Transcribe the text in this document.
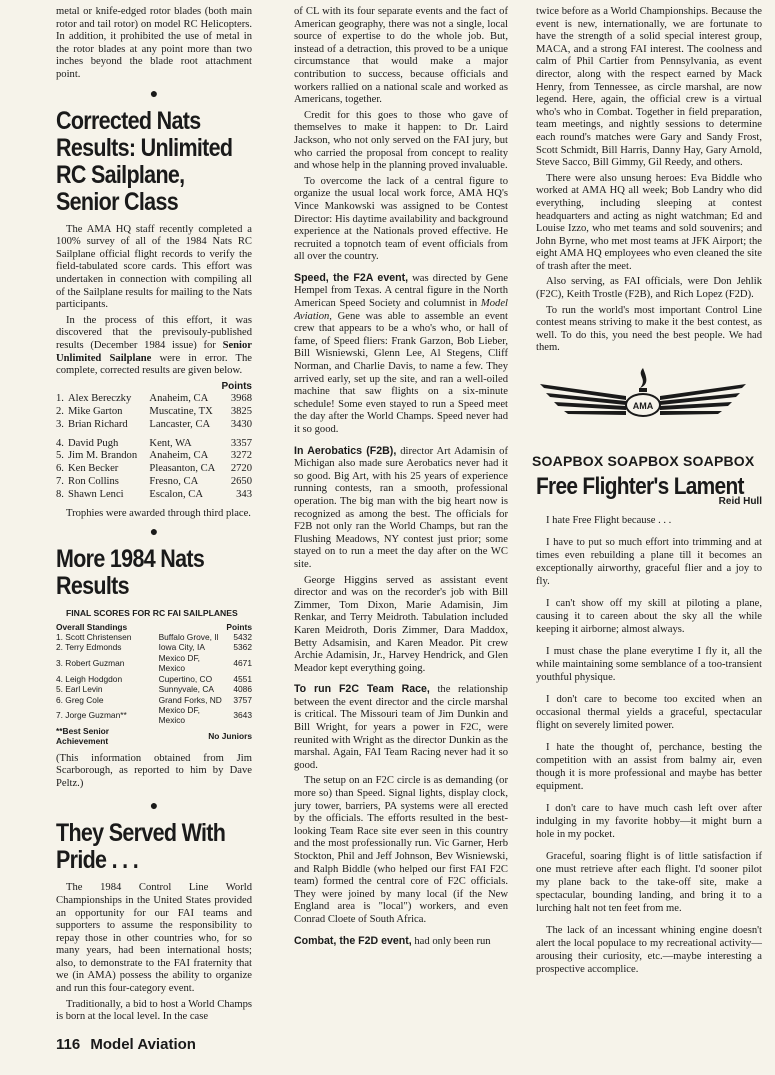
metal or knife-edged rotor blades (both main rotor and tail rotor) on model RC Helicopters. In addition, it prohibited the use of metal in the rotor blades at any point more than two inches beyond the blade root attachment point.

●
Corrected Nats Results: Unlimited RC Sailplane, Senior Class

The AMA HQ staff recently completed a 100% survey of all of the 1984 Nats RC Sailplane official flight records to verify the field-tabulated score cards. This effort was undertaken in connection with compiling all of the Sailplane results for mailing to the Nats participants.

In the process of this effort, it was discovered that the previsouly-published results (December 1984 issue) for Senior Unlimited Sailplane were in error. The complete, corrected results are given below.

Points
1.	Alex Bereczky	Anaheim, CA	3968
2.	Mike Garton	Muscatine, TX	3825
3.	Brian Richard	Lancaster, CA	3430
4.	David Pugh	Kent, WA	3357
5.	Jim M. Brandon	Anaheim, CA	3272
6.	Ken Becker	Pleasanton, CA	2720
7.	Ron Collins	Fresno, CA	2650
8.	Shawn Lenci	Escalon, CA	343

Trophies were awarded through third place.

●
More 1984 Nats Results
FINAL SCORES FOR RC FAI SAILPLANES
Overall Standings		Points
1. Scott Christensen	Buffalo Grove, Il	5432
2. Terry Edmonds	Iowa City, IA	5362
3. Robert Guzman	Mexico DF, Mexico	4671
4. Leigh Hodgdon	Cupertino, CO	4551
5. Earl Levin	Sunnyvale, CA	4086
6. Greg Cole	Grand Forks, ND	3757
7. Jorge Guzman**	Mexico DF, Mexico	3643
**Best Senior Achievement	No Juniors	

(This information obtained from Jim Scarborough, as reported to him by Dave Peltz.)

●
They Served With Pride . . .

The 1984 Control Line World Championships in the United States provided an opportunity for our FAI teams and supporters to assume the responsibility to repay those in other countries who, for so many years, had been international hosts; also, to demonstrate to the FAI fraternity that we (in AMA) possess the ability to organize and run this four-category event.

Traditionally, a bid to host a World Champs is born at the local level. In the case

of CL with its four separate events and the fact of American geography, there was not a single, local source of expertise to do the whole job. But, instead of a detraction, this proved to be a unique circumstance that would make a major contribution to success, because officials and workers rallied on a national scale and worked as Americans, together.

Credit for this goes to those who gave of themselves to make it happen: to Dr. Laird Jackson, who not only served on the FAI jury, but who carried the proposal from concept to reality and whose help in the planning proved invaluable.

To overcome the lack of a central figure to organize the usual local work force, AMA HQ's Vince Mankowski was assigned to be Contest Director: His daytime availability and background experience at the Nationals proved effective. He recruited a topnotch team of event officials from all over the country.

Speed, the F2A event, was directed by Gene Hempel from Texas. A central figure in the North American Speed Society and columnist in Model Aviation, Gene was able to assemble an event crew that appears to be a who's who, or hall of fame, of Speed fliers: Frank Garzon, Bob Lieber, Bill Wisniewski, Glenn Lee, Al Stegens, Cliff Norman, and Charlie Davis, to name a few. They arrived early, set up the site, and ran a well-oiled machine that saw flights on a six-minute schedule! Some even stayed to run a Speed meet the day after the World Champs. Speed never had it so good.

In Aerobatics (F2B), director Art Adamisin of Michigan also made sure Aerobatics never had it so good. Big Art, with his 25 years of experience running contests, ran a smooth, professional operation. The big man with the big heart now is recognized as among the best. The officials for F2B not only ran the World Champs, but ran the Flushing Meadows, NY contest just prior; some stayed on to run a meet the day after on the WC site.

George Higgins served as assistant event director and was on the recorder's job with Bill Zimmer, Tom Dixon, Marie Adamisin, Jim Renkar, and Terry Meidroth. Tabulation included Karen Meidroth, Doris Zimmer, Dara Maddox, Betty Adsamisin, and Karen Meador. Pit crew Archie Adamisin, Jr., Harvey Hendrick, and Glen Meador kept everything going.

To run F2C Team Race, the relationship between the event director and the circle marshal is critical. The Missouri team of Jim Dunkin and Bill Wright, for years a power in F2C, were reunited with Wright as the director Dunkin as the marshal. Again, FAI Team Racing never had it so good.

The setup on an F2C circle is as demanding (or more so) than Speed. Signal lights, display clock, jury tower, barriers, PA systems were all erected by the officials. The efforts resulted in the best-looking Team Race site ever seen in this country and the most professionally run. Vic Garner, Herb Stockton, Phil and Jeff Johnson, Bev Wisniewski, and Ralph Biddle (who helped our first FAI F2C team) formed the central core of F2C officials. They were joined by many local (if the New England area is "local") workers, and even Conrad Cloete of South Africa.

Combat, the F2D event, had only been run

twice before as a World Championships. Because the event is new, internationally, we are fortunate to have the strength of a solid special interest group, MACA, and a strong FAI interest. The coolness and calm of Phil Cartier from Pennsylvania, as event director, along with the respect earned by Mack Henry, from Tennessee, as circle marshal, are now legend. Here, again, the official crew is a virtual who's who in Combat. Together in field preparation, team meetings, and nightly sessions to determine each round's matches were Gary and Sandy Frost, Scott Schmidt, Bill Harris, Danny Hay, Gary Arnold, Steve Sacco, Bill Gimmy, Gil Reedy, and others.

There were also unsung heroes: Eva Biddle who worked at AMA HQ all week; Bob Landry who did everything, including sleeping at contest headquarters and acting as night watchman; Ed and Louise Izzo, who met teams and sold souvenirs; and John Byrne, who met most teams at JFK Airport; the eight AMA HQ employees who even cleaned the site of trash after the meet.

Also serving, as FAI officials, were Don Jehlik (F2C), Keith Trostle (F2B), and Rich Lopez (F2D).

To run the world's most important Control Line contest means striving to make it the best contest, as well. To do this, you need the best people. We had them.

AMA
SOAPBOX SOAPBOX SOAPBOX
Free Flighter's Lament
Reid Hull

I hate Free Flight because . . .

I have to put so much effort into trimming and at times even rebuilding a plane till it becomes an exceptionally airworthy, graceful flier and a joy to fly.

I can't show off my skill at piloting a plane, causing it to careen about the sky all the while keeping it airborne; almost always.

I must chase the plane everytime I fly it, all the while maintaining some semblance of a too-transient youthful physique.

I don't care to become too excited when an occasional thermal yields a graceful, spectacular flight on severely limited power.

I hate the thought of, perchance, besting the competition with an assist from balmy air, even though it is more professional and maybe has better equipment.

I don't care to have much cash left over after indulging in my favorite hobby—it might burn a hole in my pocket.

Graceful, soaring flight is of little satisfaction if one must retrieve after each flight. I'd sooner pilot my plane back to the take-off site, make a spectacular, bounding landing, and bring it to a lurching halt not ten feet from me.

The lack of an incessant whining engine doesn't alert the local populace to my recreational activity—arousing their curiosity, etc.—maybe interesting a prospective accomplice.

116 Model Aviation
